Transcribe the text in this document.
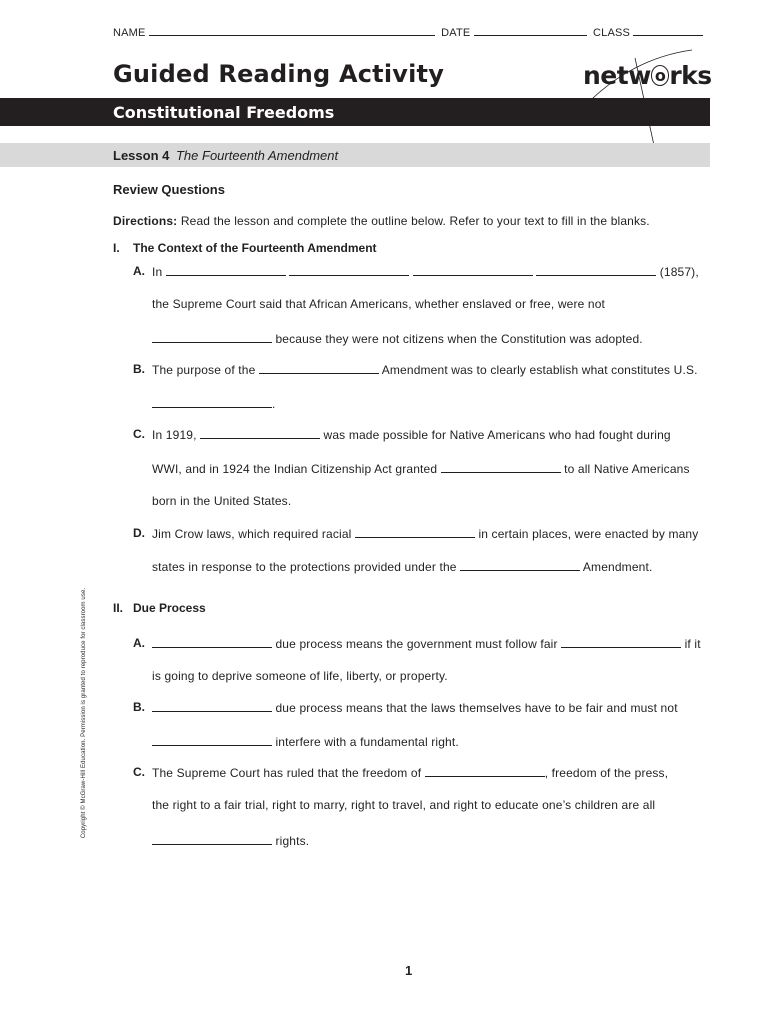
NAME	DATE	CLASS
Guided Reading Activity	netw o rks
Constitutional Freedoms
Lesson 4 The Fourteenth Amendment
Review Questions
Directions: Read the lesson and complete the outline below. Refer to your text to fill in the blanks.
I. The Context of the Fourteenth Amendment
A. In	(1857),
the Supreme Court said that African Americans, whether enslaved or free, were not
because they were not citizens when the Constitution was adopted.
B. The purpose of the	Amendment was to clearly establish what constitutes U.S.
.
C. In 1919,	was made possible for Native Americans who had fought during
WWI, and in 1924 the Indian Citizenship Act granted	to all Native Americans
born in the United States.
D. Jim Crow laws, which required racial	in certain places, were enacted by many
states in response to the protections provided under the	Amendment.
II. Due Process
A.	due process means the government must follow fair	if it
is going to deprive someone of life, liberty, or property.
B.	due process means that the laws themselves have to be fair and must not
interfere with a fundamental right.
C. The Supreme Court has ruled that the freedom of	, freedom of the press,
the right to a fair trial, right to marry, right to travel, and right to educate one’s children are all
rights.
Copyright © McGraw-Hill Education. Permission is granted to reproduce for classroom use.
1
